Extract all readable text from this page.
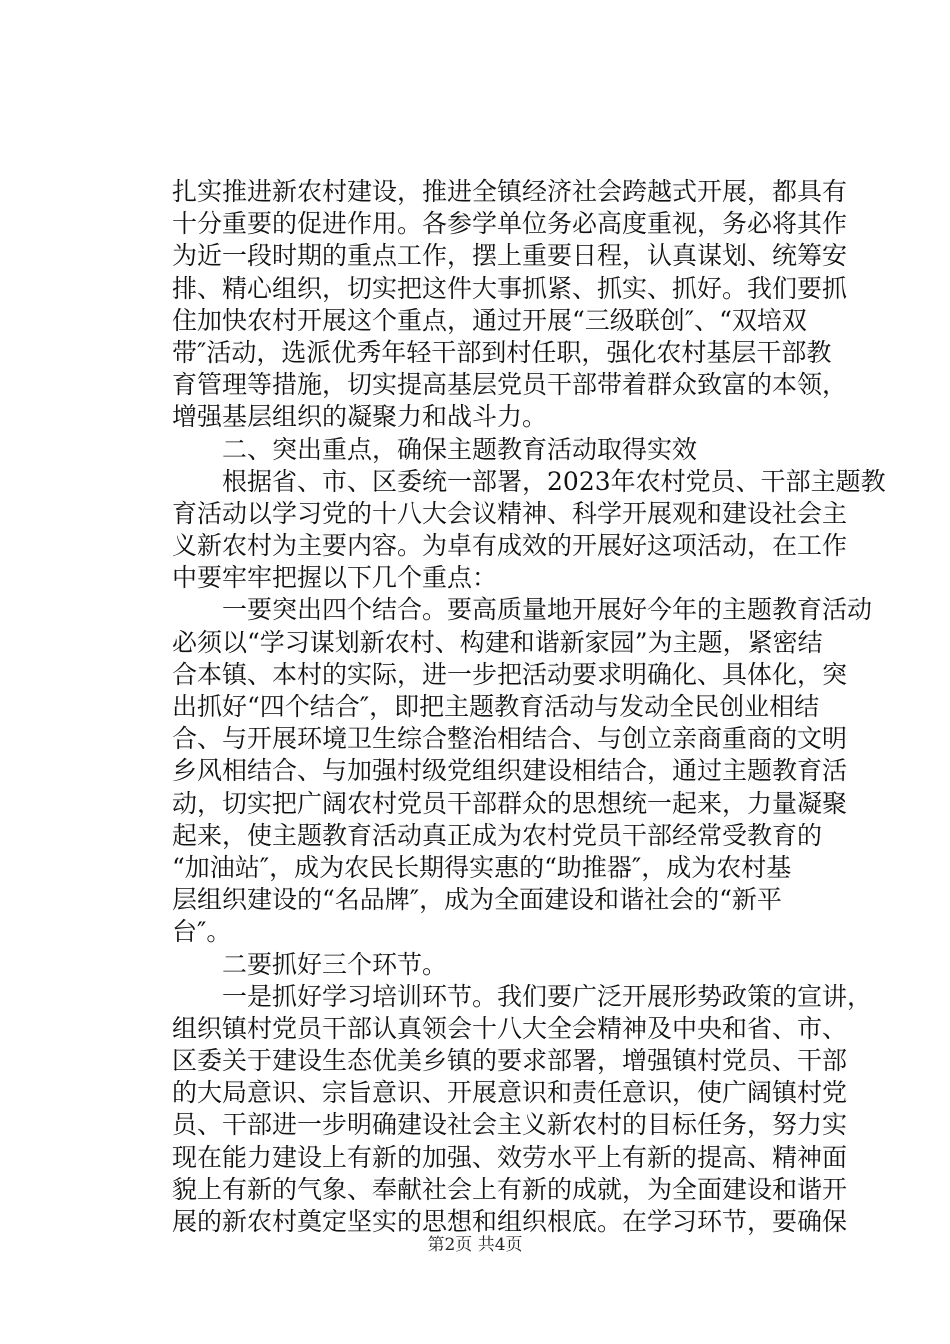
扎实推进新农村建设，推进全镇经济社会跨越式开展，都具有
十分重要的促进作用。各参学单位务必高度重视，务必将其作
为近一段时期的重点工作，摆上重要日程，认真谋划、统筹安
排、精心组织，切实把这件大事抓紧、抓实、抓好。我们要抓
住加快农村开展这个重点，通过开展“三级联创″、“双培双
带″活动，选派优秀年轻干部到村任职，强化农村基层干部教
育管理等措施，切实提高基层党员干部带着群众致富的本领，
增强基层组织的凝聚力和战斗力。
　　二、突出重点，确保主题教育活动取得实效
　　根据省、市、区委统一部署，2023年农村党员、干部主题教
育活动以学习党的十八大会议精神、科学开展观和建设社会主
义新农村为主要内容。为卓有成效的开展好这项活动，在工作
中要牢牢把握以下几个重点：
　　一要突出四个结合。要高质量地开展好今年的主题教育活动
必须以“学习谋划新农村、构建和谐新家园”为主题，紧密结
合本镇、本村的实际，进一步把活动要求明确化、具体化，突
出抓好“四个结合″，即把主题教育活动与发动全民创业相结
合、与开展环境卫生综合整治相结合、与创立亲商重商的文明
乡风相结合、与加强村级党组织建设相结合，通过主题教育活
动，切实把广阔农村党员干部群众的思想统一起来，力量凝聚
起来，使主题教育活动真正成为农村党员干部经常受教育的
“加油站″，成为农民长期得实惠的“助推器″，成为农村基
层组织建设的“名品牌″，成为全面建设和谐社会的“新平
台″。
　　二要抓好三个环节。
　　一是抓好学习培训环节。我们要广泛开展形势政策的宣讲，
组织镇村党员干部认真领会十八大全会精神及中央和省、市、
区委关于建设生态优美乡镇的要求部署，增强镇村党员、干部
的大局意识、宗旨意识、开展意识和责任意识，使广阔镇村党
员、干部进一步明确建设社会主义新农村的目标任务，努力实
现在能力建设上有新的加强、效劳水平上有新的提高、精神面
貌上有新的气象、奉献社会上有新的成就，为全面建设和谐开
展的新农村奠定坚实的思想和组织根底。在学习环节，要确保
第2页 共4页
